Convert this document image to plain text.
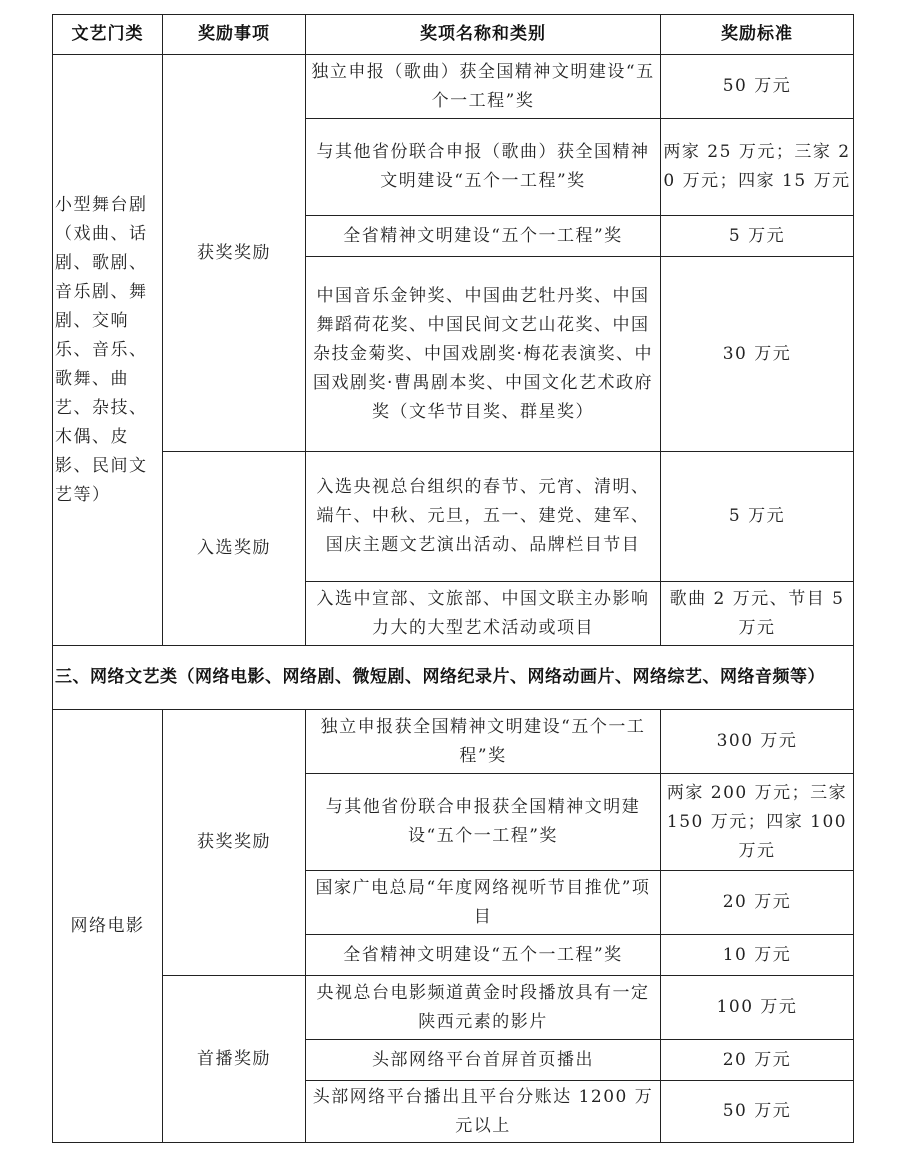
文艺门类	奖励事项	奖项名称和类别	奖励标准
小型舞台剧（戏曲、话剧、歌剧、音乐剧、舞剧、交响乐、音乐、歌舞、曲艺、杂技、木偶、皮影、民间文艺等）	获奖奖励	独立申报（歌曲）获全国精神文明建设“五个一工程”奖	50 万元
		与其他省份联合申报（歌曲）获全国精神文明建设“五个一工程”奖	两家 25 万元；三家 20 万元；四家 15 万元
		全省精神文明建设“五个一工程”奖	5 万元
		中国音乐金钟奖、中国曲艺牡丹奖、中国舞蹈荷花奖、中国民间文艺山花奖、中国杂技金菊奖、中国戏剧奖·梅花表演奖、中国戏剧奖·曹禺剧本奖、中国文化艺术政府奖（文华节目奖、群星奖）	30 万元
	入选奖励	入选央视总台组织的春节、元宵、清明、端午、中秋、元旦，五一、建党、建军、国庆主题文艺演出活动、品牌栏目节目	5 万元
		入选中宣部、文旅部、中国文联主办影响力大的大型艺术活动或项目	歌曲 2 万元、节目 5 万元
三、网络文艺类（网络电影、网络剧、微短剧、网络纪录片、网络动画片、网络综艺、网络音频等）			
网络电影	获奖奖励	独立申报获全国精神文明建设“五个一工程”奖	300 万元
		与其他省份联合申报获全国精神文明建设“五个一工程”奖	两家 200 万元；三家 150 万元；四家 100 万元
		国家广电总局“年度网络视听节目推优”项目	20 万元
		全省精神文明建设“五个一工程”奖	10 万元
	首播奖励	央视总台电影频道黄金时段播放具有一定陕西元素的影片	100 万元
		头部网络平台首屏首页播出	20 万元
		头部网络平台播出且平台分账达 1200 万元以上	50 万元
